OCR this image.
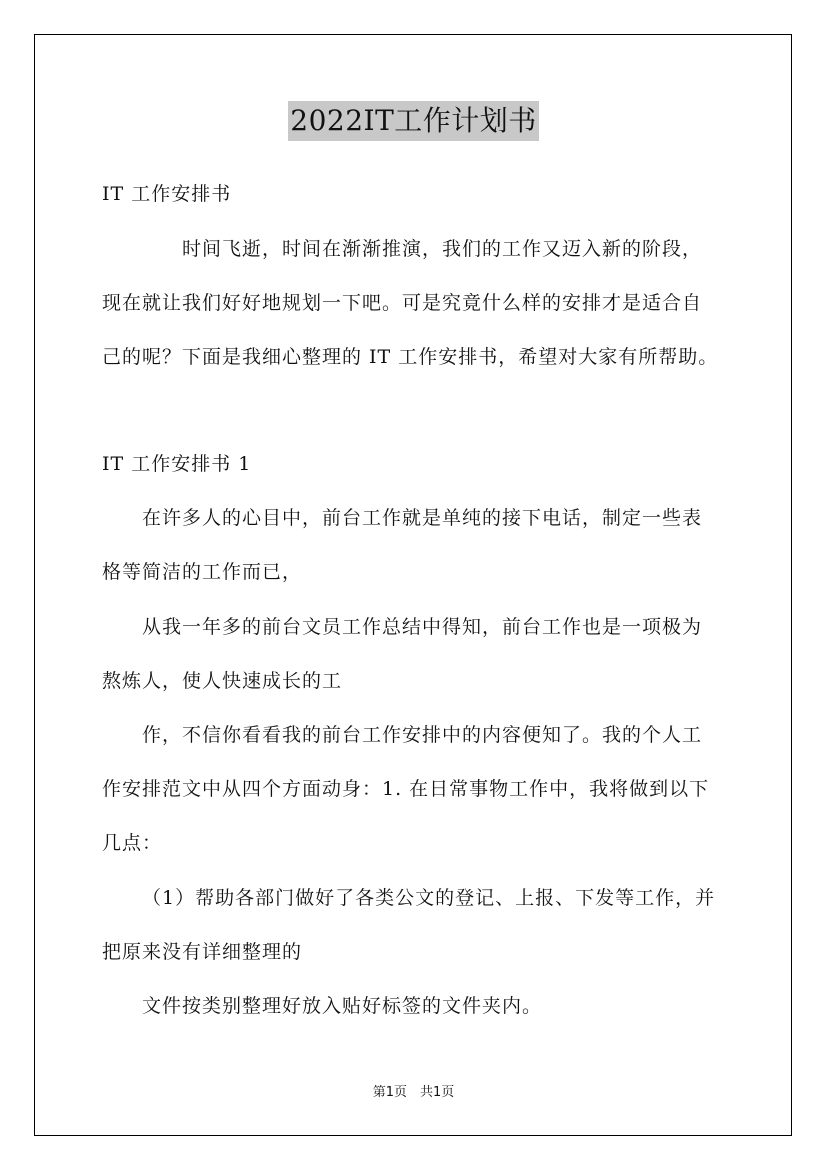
2022IT工作计划书

IT 工作安排书

时间飞逝，时间在渐渐推演，我们的工作又迈入新的阶段，

现在就让我们好好地规划一下吧。可是究竟什么样的安排才是适合自

己的呢？下面是我细心整理的 IT 工作安排书，希望对大家有所帮助。

IT 工作安排书 1

在许多人的心目中，前台工作就是单纯的接下电话，制定一些表

格等简洁的工作而已，

从我一年多的前台文员工作总结中得知，前台工作也是一项极为

熬炼人，使人快速成长的工

作，不信你看看我的前台工作安排中的内容便知了。我的个人工

作安排范文中从四个方面动身：1. 在日常事物工作中，我将做到以下

几点：

（1）帮助各部门做好了各类公文的登记、上报、下发等工作，并

把原来没有详细整理的

文件按类别整理好放入贴好标签的文件夹内。

第1页　共1页
